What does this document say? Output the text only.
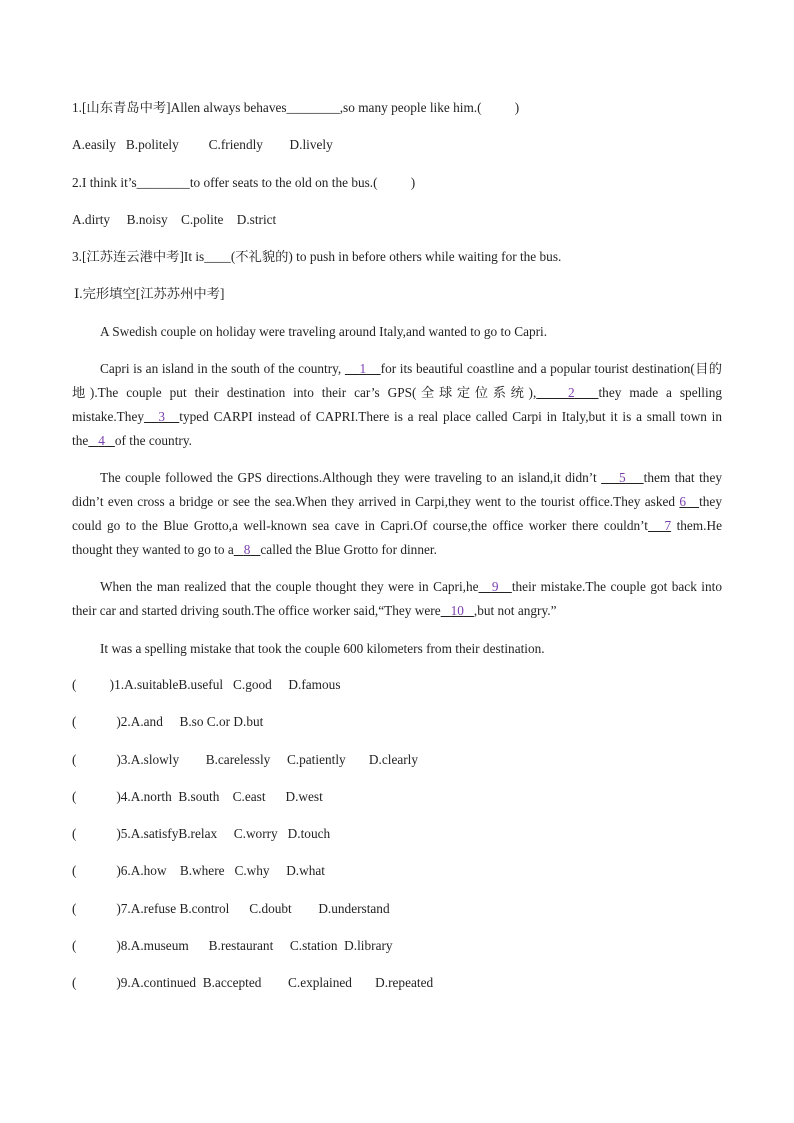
1.[山东青岛中考]Allen always behaves________,so many people like him.(          )
A.easily   B.politely         C.friendly        D.lively
2.I think it’s________to offer seats to the old on the bus.(          )
A.dirty     B.noisy    C.polite    D.strict
3.[江苏连云港中考]It is____(不礼貌的) to push in before others while waiting for the bus.
Ⅰ.完形填空[江苏苏州中考]
A Swedish couple on holiday were traveling around Italy,and wanted to go to Capri.
Capri is an island in the south of the country,     1 for its beautiful coastline and a popular tourist destination(目的地).The couple put their destination into their car’s GPS(全球定位系统), 2 they made a spelling mistake.They 3 typed CARPI instead of CAPRI.There is a real place called Carpi in Italy,but it is a small town in the 4 of the country.
The couple followed the GPS directions.Although they were traveling to an island,it didn’t     5 them that they didn’t even cross a bridge or see the sea.When they arrived in Carpi,they went to the tourist office.They asked 6 they could go to the Blue Grotto,a well-known sea cave in Capri.Of course,the office worker there couldn’t 7 them.He thought they wanted to go to a 8 called the Blue Grotto for dinner.
When the man realized that the couple thought they were in Capri,he 9 their mistake.The couple got back into their car and started driving south.The office worker said,“They were 10 ,but not angry.”
It was a spelling mistake that took the couple 600 kilometers from their destination.
(          )1.A.suitableB.useful   C.good     D.famous
(            )2.A.and     B.so C.or D.but
(            )3.A.slowly        B.carelessly     C.patiently       D.clearly
(            )4.A.north  B.south    C.east      D.west
(            )5.A.satisfyB.relax     C.worry   D.touch
(            )6.A.how    B.where   C.why     D.what
(            )7.A.refuse B.control      C.doubt        D.understand
(            )8.A.museum      B.restaurant     C.station  D.library
(            )9.A.continued  B.accepted        C.explained       D.repeated
